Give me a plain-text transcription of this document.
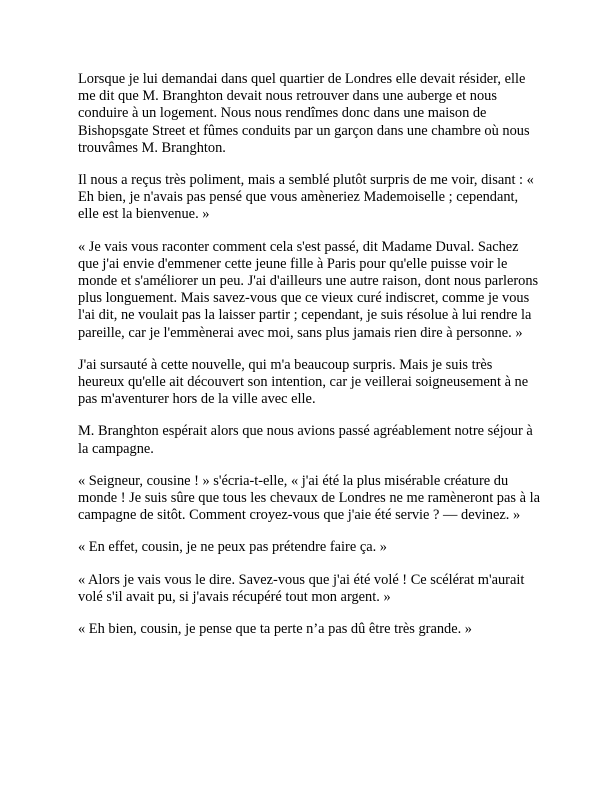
Lorsque je lui demandai dans quel quartier de Londres elle devait résider, elle me dit que M. Branghton devait nous retrouver dans une auberge et nous conduire à un logement. Nous nous rendîmes donc dans une maison de Bishopsgate Street et fûmes conduits par un garçon dans une chambre où nous trouvâmes M. Branghton.

Il nous a reçus très poliment, mais a semblé plutôt surpris de me voir, disant : « Eh bien, je n'avais pas pensé que vous amèneriez Mademoiselle ; cependant, elle est la bienvenue. »

« Je vais vous raconter comment cela s'est passé, dit Madame Duval. Sachez que j'ai envie d'emmener cette jeune fille à Paris pour qu'elle puisse voir le monde et s'améliorer un peu. J'ai d'ailleurs une autre raison, dont nous parlerons plus longuement. Mais savez-vous que ce vieux curé indiscret, comme je vous l'ai dit, ne voulait pas la laisser partir ; cependant, je suis résolue à lui rendre la pareille, car je l'emmènerai avec moi, sans plus jamais rien dire à personne. »

J'ai sursauté à cette nouvelle, qui m'a beaucoup surpris. Mais je suis très heureux qu'elle ait découvert son intention, car je veillerai soigneusement à ne pas m'aventurer hors de la ville avec elle.

M. Branghton espérait alors que nous avions passé agréablement notre séjour à la campagne.

« Seigneur, cousine ! » s'écria-t-elle, « j'ai été la plus misérable créature du monde ! Je suis sûre que tous les chevaux de Londres ne me ramèneront pas à la campagne de sitôt. Comment croyez-vous que j'aie été servie ? — devinez. »

« En effet, cousin, je ne peux pas prétendre faire ça. »

« Alors je vais vous le dire. Savez-vous que j'ai été volé ! Ce scélérat m'aurait volé s'il avait pu, si j'avais récupéré tout mon argent. »

« Eh bien, cousin, je pense que ta perte n’a pas dû être très grande. »
